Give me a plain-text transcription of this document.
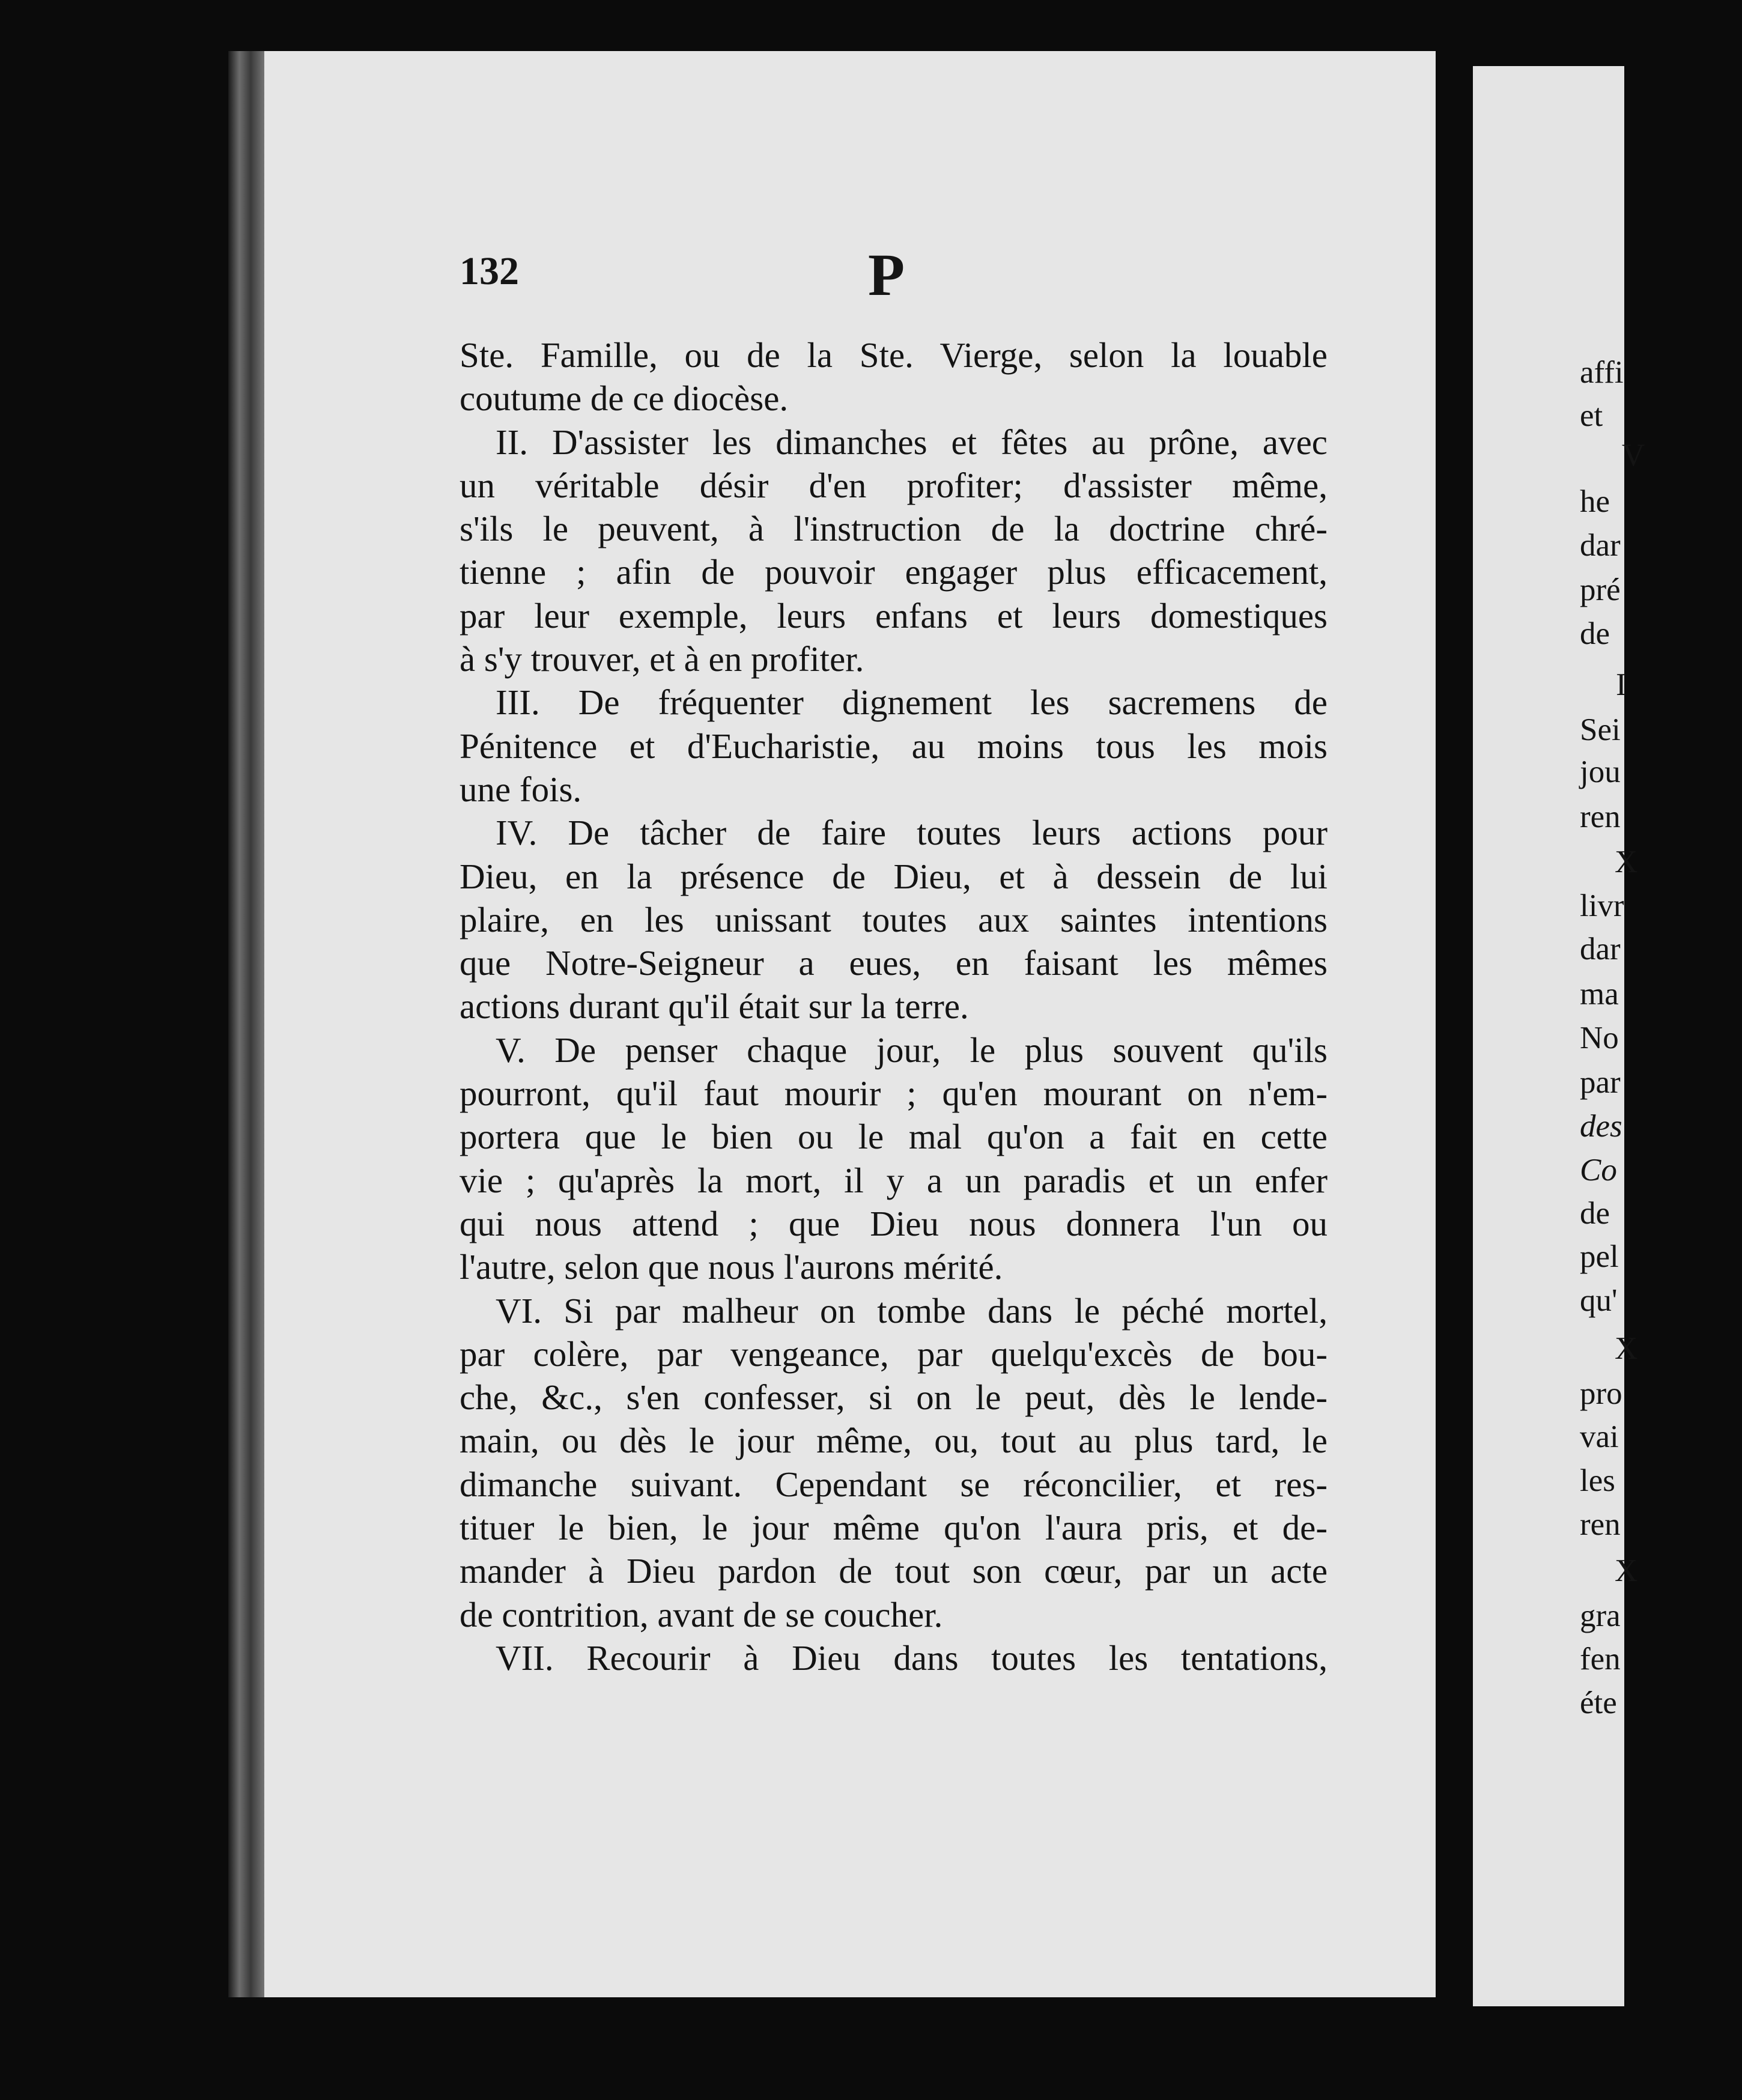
132	P
Ste. Famille, ou de la Ste. Vierge, selon la louable
coutume de ce diocèse.
II. D'assister les dimanches et fêtes au prône, avec
un véritable désir d'en profiter; d'assister même,
s'ils le peuvent, à l'instruction de la doctrine chré-
tienne ; afin de pouvoir engager plus efficacement,
par leur exemple, leurs enfans et leurs domestiques
à s'y trouver, et à en profiter.
III. De fréquenter dignement les sacremens de
Pénitence et d'Eucharistie, au moins tous les mois
une fois.
IV. De tâcher de faire toutes leurs actions pour
Dieu, en la présence de Dieu, et à dessein de lui
plaire, en les unissant toutes aux saintes intentions
que Notre-Seigneur a eues, en faisant les mêmes
actions durant qu'il était sur la terre.
V. De penser chaque jour, le plus souvent qu'ils
pourront, qu'il faut mourir ; qu'en mourant on n'em-
portera que le bien ou le mal qu'on a fait en cette
vie ; qu'après la mort, il y a un paradis et un enfer
qui nous attend ; que Dieu nous donnera l'un ou
l'autre, selon que nous l'aurons mérité.
VI. Si par malheur on tombe dans le péché mortel,
par colère, par vengeance, par quelqu'excès de bou-
che, &c., s'en confesser, si on le peut, dès le lende-
main, ou dès le jour même, ou, tout au plus tard, le
dimanche suivant. Cependant se réconcilier, et res-
tituer le bien, le jour même qu'on l'aura pris, et de-
mander à Dieu pardon de tout son cœur, par un acte
de contrition, avant de se coucher.
VII. Recourir à Dieu dans toutes les tentations,
affi
et
V
he
dar
pré
de
I
Sei
jou
ren
X
livr
dar
ma
No
par
des
Co
de
pel
qu'
X
pro
vai
les
ren
X
gra
fen
éte
